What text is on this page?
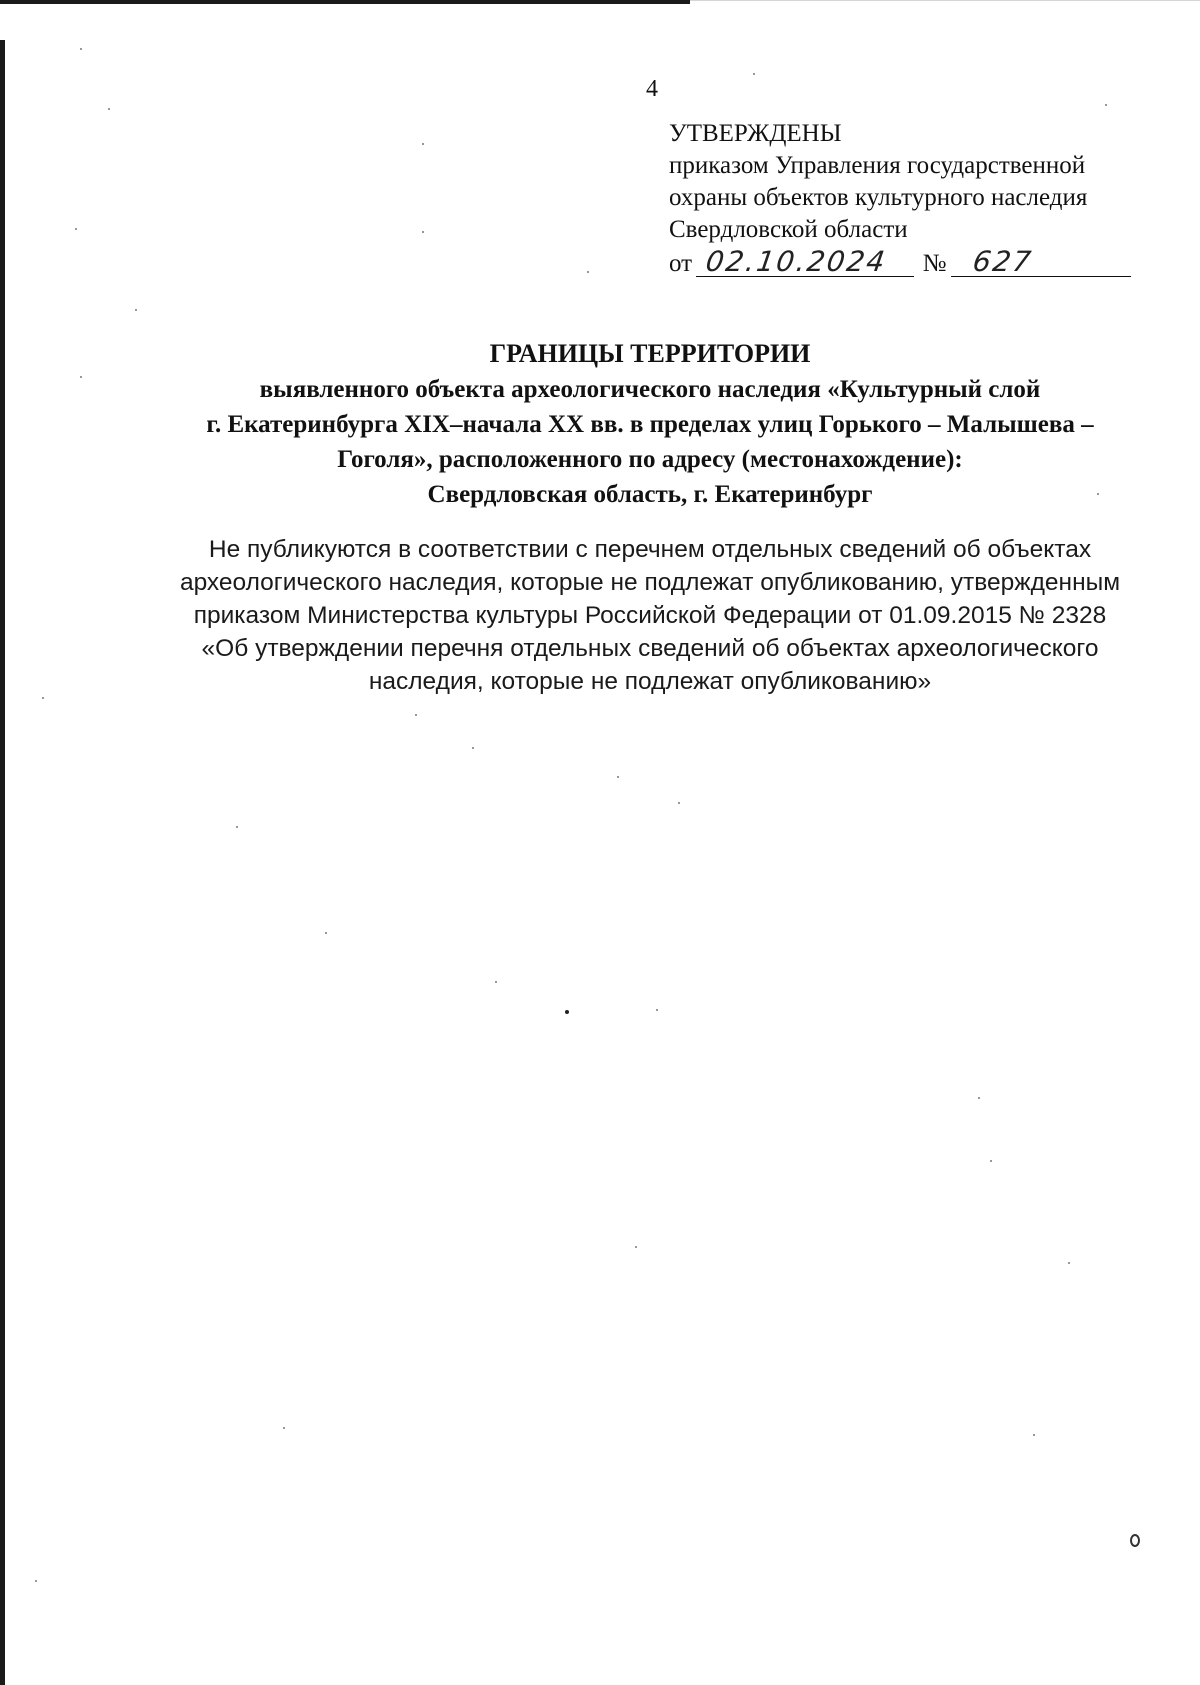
4
УТВЕРЖДЕНЫ
приказом Управления государственной
охраны объектов культурного наследия
Свердловской области
от 02.10.2024 № 627
ГРАНИЦЫ ТЕРРИТОРИИ
выявленного объекта археологического наследия «Культурный слой
г. Екатеринбурга XIX–начала XX вв. в пределах улиц Горького – Малышева –
Гоголя», расположенного по адресу (местонахождение):
Свердловская область, г. Екатеринбург
Не публикуются в соответствии с перечнем отдельных сведений об объектах
археологического наследия, которые не подлежат опубликованию, утвержденным
приказом Министерства культуры Российской Федерации от 01.09.2015 № 2328
«Об утверждении перечня отдельных сведений об объектах археологического
наследия, которые не подлежат опубликованию»
